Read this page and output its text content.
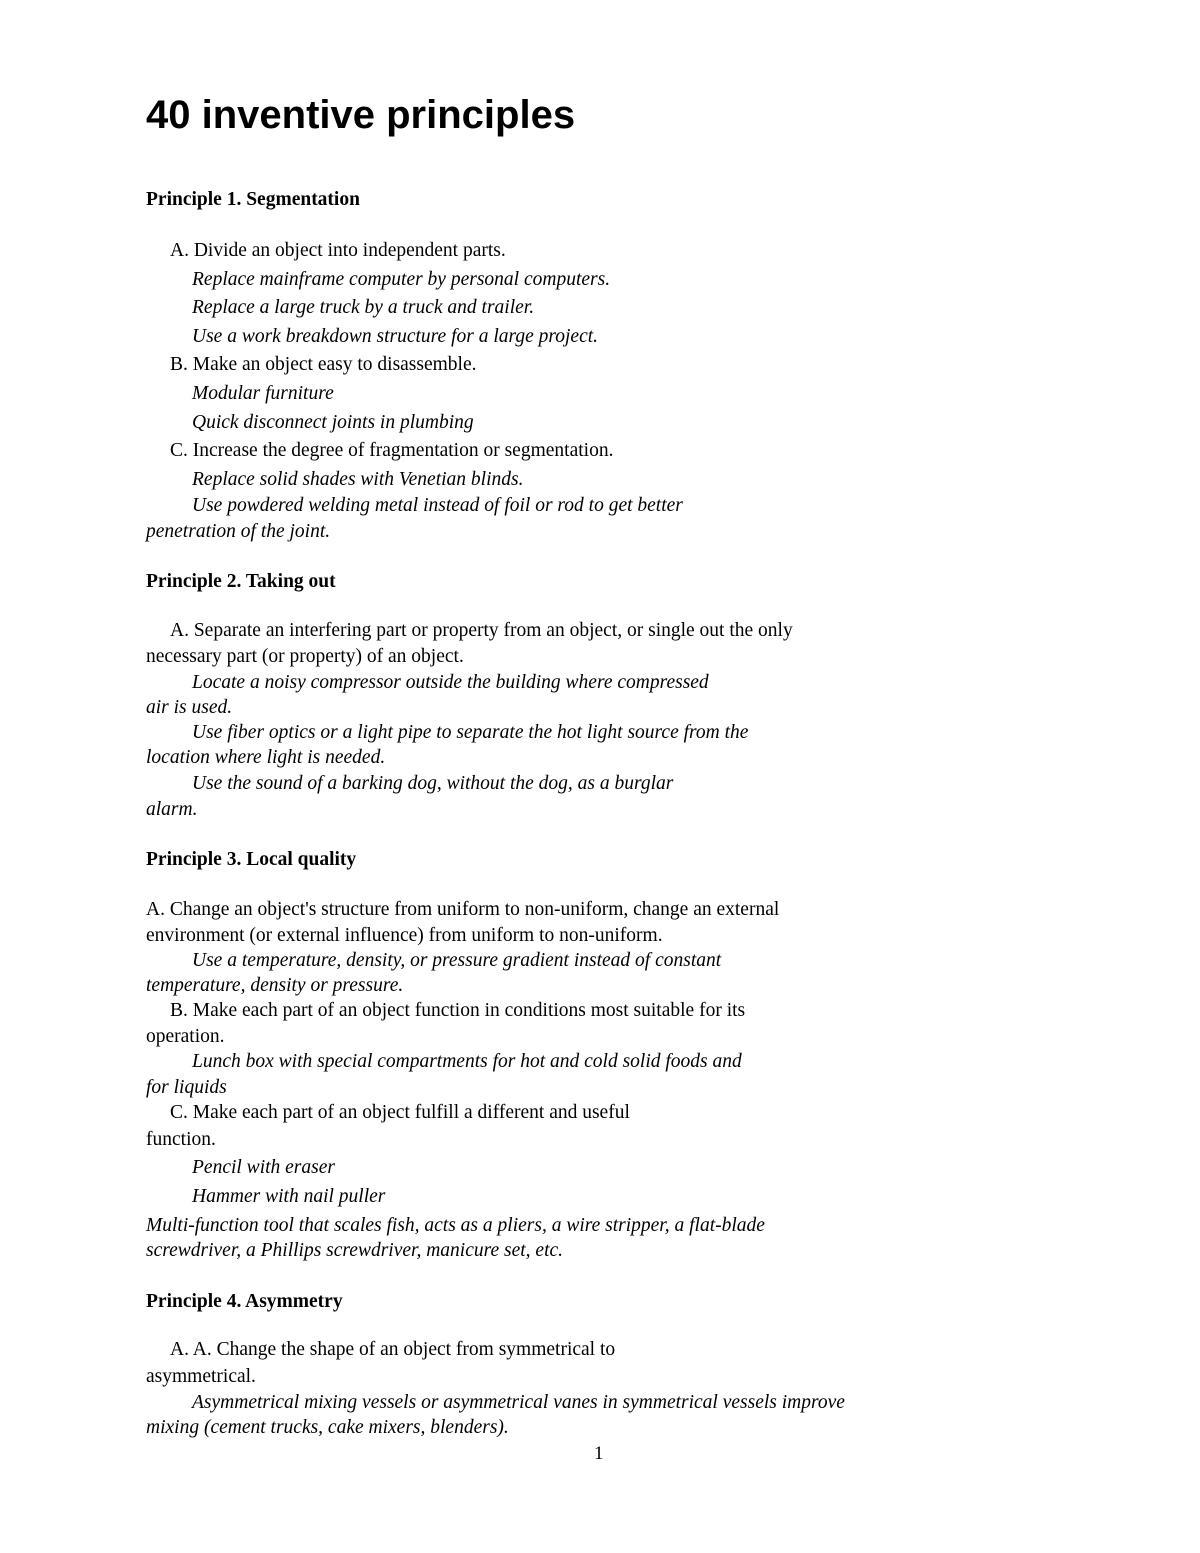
40 inventive principles
Principle 1. Segmentation
A. Divide an object into independent parts.
Replace mainframe computer by personal computers.
Replace a large truck by a truck and trailer.
Use a work breakdown structure for a large project.
B. Make an object easy to disassemble.
Modular furniture
Quick disconnect joints in plumbing
C. Increase the degree of fragmentation or segmentation.
Replace solid shades with Venetian blinds.
Use powdered welding metal instead of foil or rod to get better
penetration of the joint.
Principle 2. Taking out
A. Separate an interfering part or property from an object, or single out the only
necessary part (or property) of an object.
Locate a noisy compressor outside the building where compressed
air is used.
Use fiber optics or a light pipe to separate the hot light source from the
location where light is needed.
Use the sound of a barking dog, without the dog, as a burglar
alarm.
Principle 3. Local quality
A. Change an object's structure from uniform to non-uniform, change an external
environment (or external influence) from uniform to non-uniform.
Use a temperature, density, or pressure gradient instead of constant
temperature, density or pressure.
B. Make each part of an object function in conditions most suitable for its
operation.
Lunch box with special compartments for hot and cold solid foods and
for liquids
C. Make each part of an object fulfill a different and useful
function.
Pencil with eraser
Hammer with nail puller
Multi-function tool that scales fish, acts as a pliers, a wire stripper, a flat-blade
screwdriver, a Phillips screwdriver, manicure set, etc.
Principle 4. Asymmetry
A. A. Change the shape of an object from symmetrical to
asymmetrical.
Asymmetrical mixing vessels or asymmetrical vanes in symmetrical vessels improve
mixing (cement trucks, cake mixers, blenders).
1
